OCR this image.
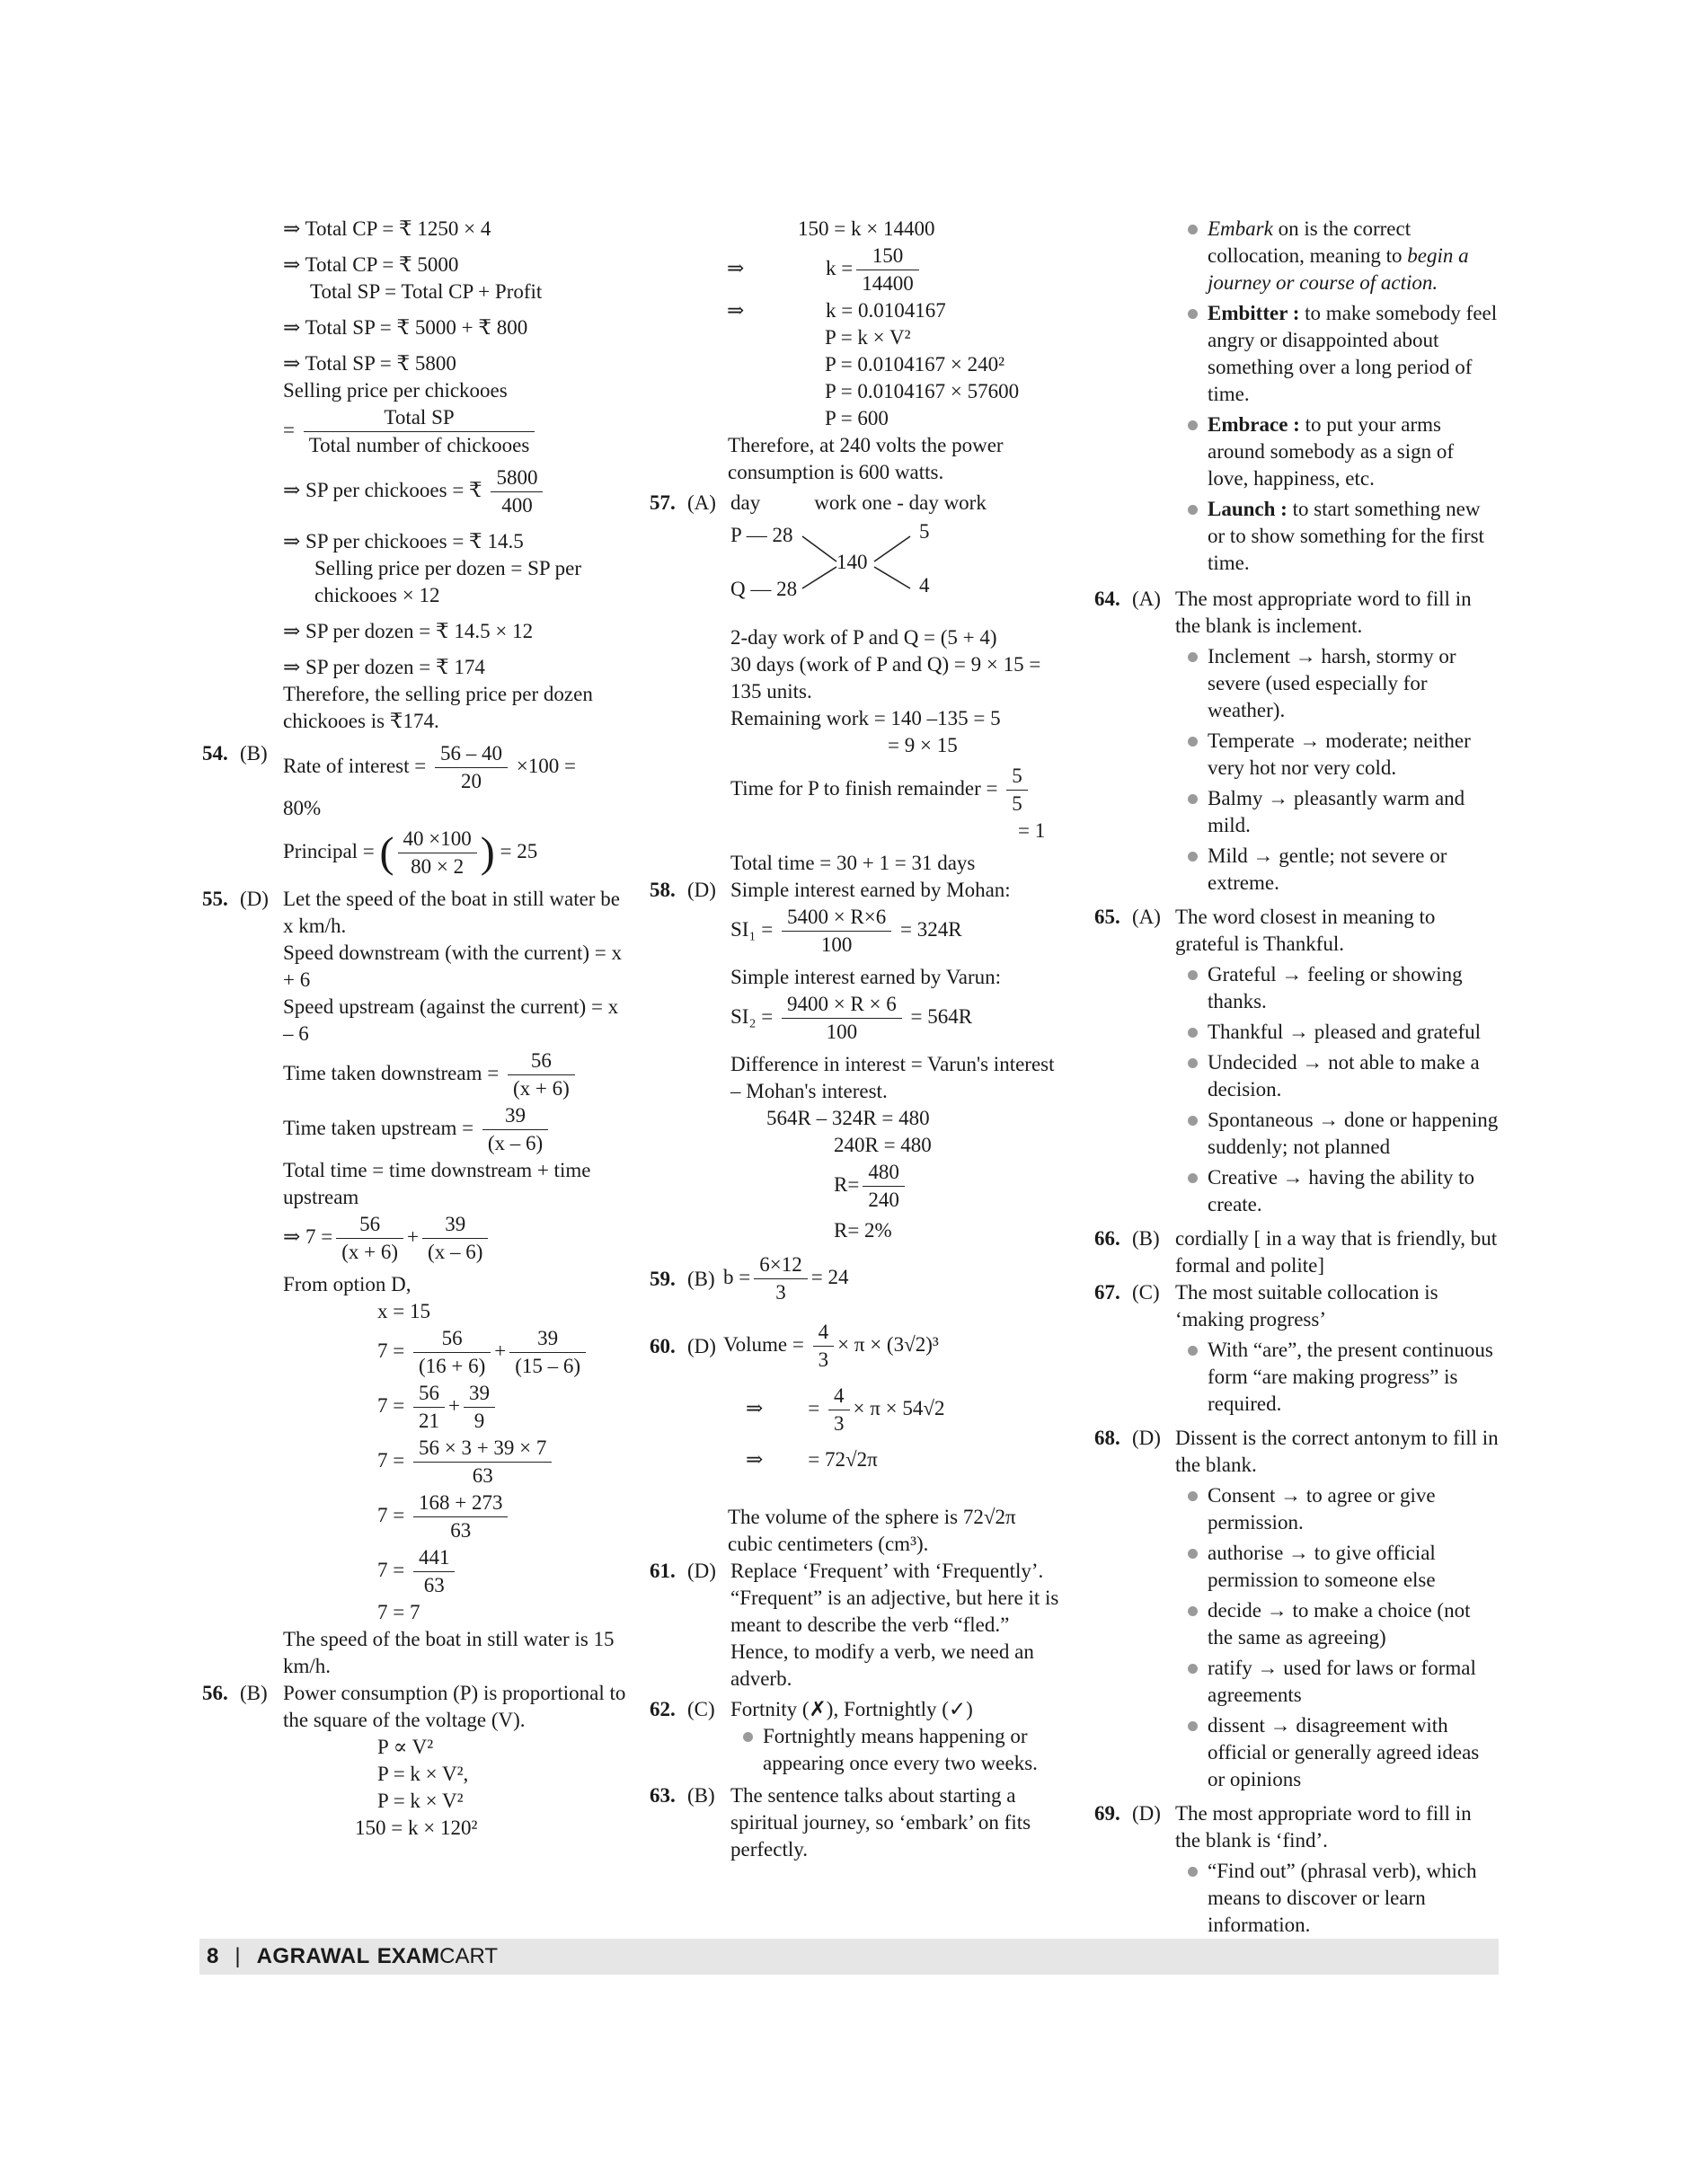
⇒ Total CP = ₹ 1250 × 4
⇒ Total CP = ₹ 5000
Total SP = Total CP + Profit
⇒ Total SP = ₹ 5000 + ₹ 800
⇒ Total SP = ₹ 5800
Selling price per chickooes
= $\frac{\text{Total SP}}{\text{Total number of chickooes}}$
⇒ SP per chickooes = ₹ $\frac{5800}{400}$
⇒ SP per chickooes = ₹ 14.5
Selling price per dozen = SP per chickooes × 12
⇒ SP per dozen = ₹ 14.5 × 12
⇒ SP per dozen = ₹ 174
Therefore, the selling price per dozen chickooes is ₹174.
54. (B)
Rate of interest = $\frac{56 - 40}{20} \times 100$ =
80%
Principal = ( $\frac{40 \times 100}{80 \times 2}$ ) = 25
55. (D) Let the speed of the boat in still water be x km/h.
Speed downstream (with the current) = x + 6
Speed upstream (against the current) = x – 6
Time taken downstream = $\frac{56}{(x + 6)}$
Time taken upstream = $\frac{39}{(x - 6)}$
Total time = time downstream + time upstream
⇒ $7 = \frac{56}{(x + 6)} + \frac{39}{(x - 6)}$
From option D,
x = 15
$7 = \frac{56}{(16 + 6)} + \frac{39}{(15 - 6)}$
$7 = \frac{56}{21} + \frac{39}{9}$
$7 = \frac{56 \times 3 + 39 \times 7}{63}$
$7 = \frac{168 + 273}{63}$
$7 = \frac{441}{63}$
7 = 7
The speed of the boat in still water is 15 km/h.
56. (B) Power consumption (P) is proportional to the square of the voltage (V).
P ∝ V²
P = k × V²,
P = k × V²
150 = k × 120²
150 = k × 14400
⇒	$k = \frac{150}{14400}$
⇒	k = 0.0104167
P = k × V²
P = 0.0104167 × 240²
P = 0.0104167 × 57600
P = 600
Therefore, at 240 volts the power consumption is 600 watts.
57. (A) day	work one - day work
P — 28
Q — 28
140
5
4
2-day work of P and Q = (5 + 4)
30 days (work of P and Q) = 9 × 15 = 135 units.
Remaining work = 140 –135 = 5
= 9 × 15
Time for P to finish remainder = $\frac{5}{5}$
= 1
Total time = 30 + 1 = 31 days
58. (D) Simple interest earned by Mohan:
$SI_1 = \frac{5400 \times R\times 6}{100} = 324R$
Simple interest earned by Varun:
$SI_2 = \frac{9400 \times R \times 6}{100} = 564R$
Difference in interest = Varun's interest – Mohan's interest.
564R – 324R = 480
240R = 480
$R= \frac{480}{240}$
R= 2%
59. (B) $b = \frac{6\times 12}{3} = 24$
60. (D) Volume = $\frac{4}{3} \times \pi \times (3√2)^3$
⇒ = $\frac{4}{3} \times \pi \times 54√2$
⇒ = 72√2π
The volume of the sphere is 72√2π cubic centimeters (cm³).
61. (D) Replace ‘Frequent’ with ‘Frequently’. “Frequent” is an adjective, but here it is meant to describe the verb “fled.” Hence, to modify a verb, we need an adverb.
62. (C) Fortnity (✗), Fortnightly (✓)
Fortnightly means happening or appearing once every two weeks.
63. (B) The sentence talks about starting a spiritual journey, so ‘embark’ on fits perfectly.
Embark on is the correct collocation, meaning to begin a journey or course of action.
Embitter : to make somebody feel angry or disappointed about something over a long period of time.
Embrace : to put your arms around somebody as a sign of love, happiness, etc.
Launch : to start something new or to show something for the first time.
64. (A) The most appropriate word to fill in the blank is inclement.
Inclement → harsh, stormy or severe (used especially for weather).
Temperate → moderate; neither very hot nor very cold.
Balmy → pleasantly warm and mild.
Mild → gentle; not severe or extreme.
65. (A) The word closest in meaning to grateful is Thankful.
Grateful → feeling or showing thanks.
Thankful → pleased and grateful
Undecided → not able to make a decision.
Spontaneous → done or happening suddenly; not planned
Creative → having the ability to create.
66. (B) cordially [ in a way that is friendly, but formal and polite]
67. (C) The most suitable collocation is ‘making progress’
With “are”, the present continuous form “are making progress” is required.
68. (D) Dissent is the correct antonym to fill in the blank.
Consent → to agree or give permission.
authorise → to give official permission to someone else
decide → to make a choice (not the same as agreeing)
ratify → used for laws or formal agreements
dissent → disagreement with official or generally agreed ideas or opinions
69. (D) The most appropriate word to fill in the blank is ‘find’.
“Find out” (phrasal verb), which means to discover or learn information.
8 | AGRAWAL EXAM CART
